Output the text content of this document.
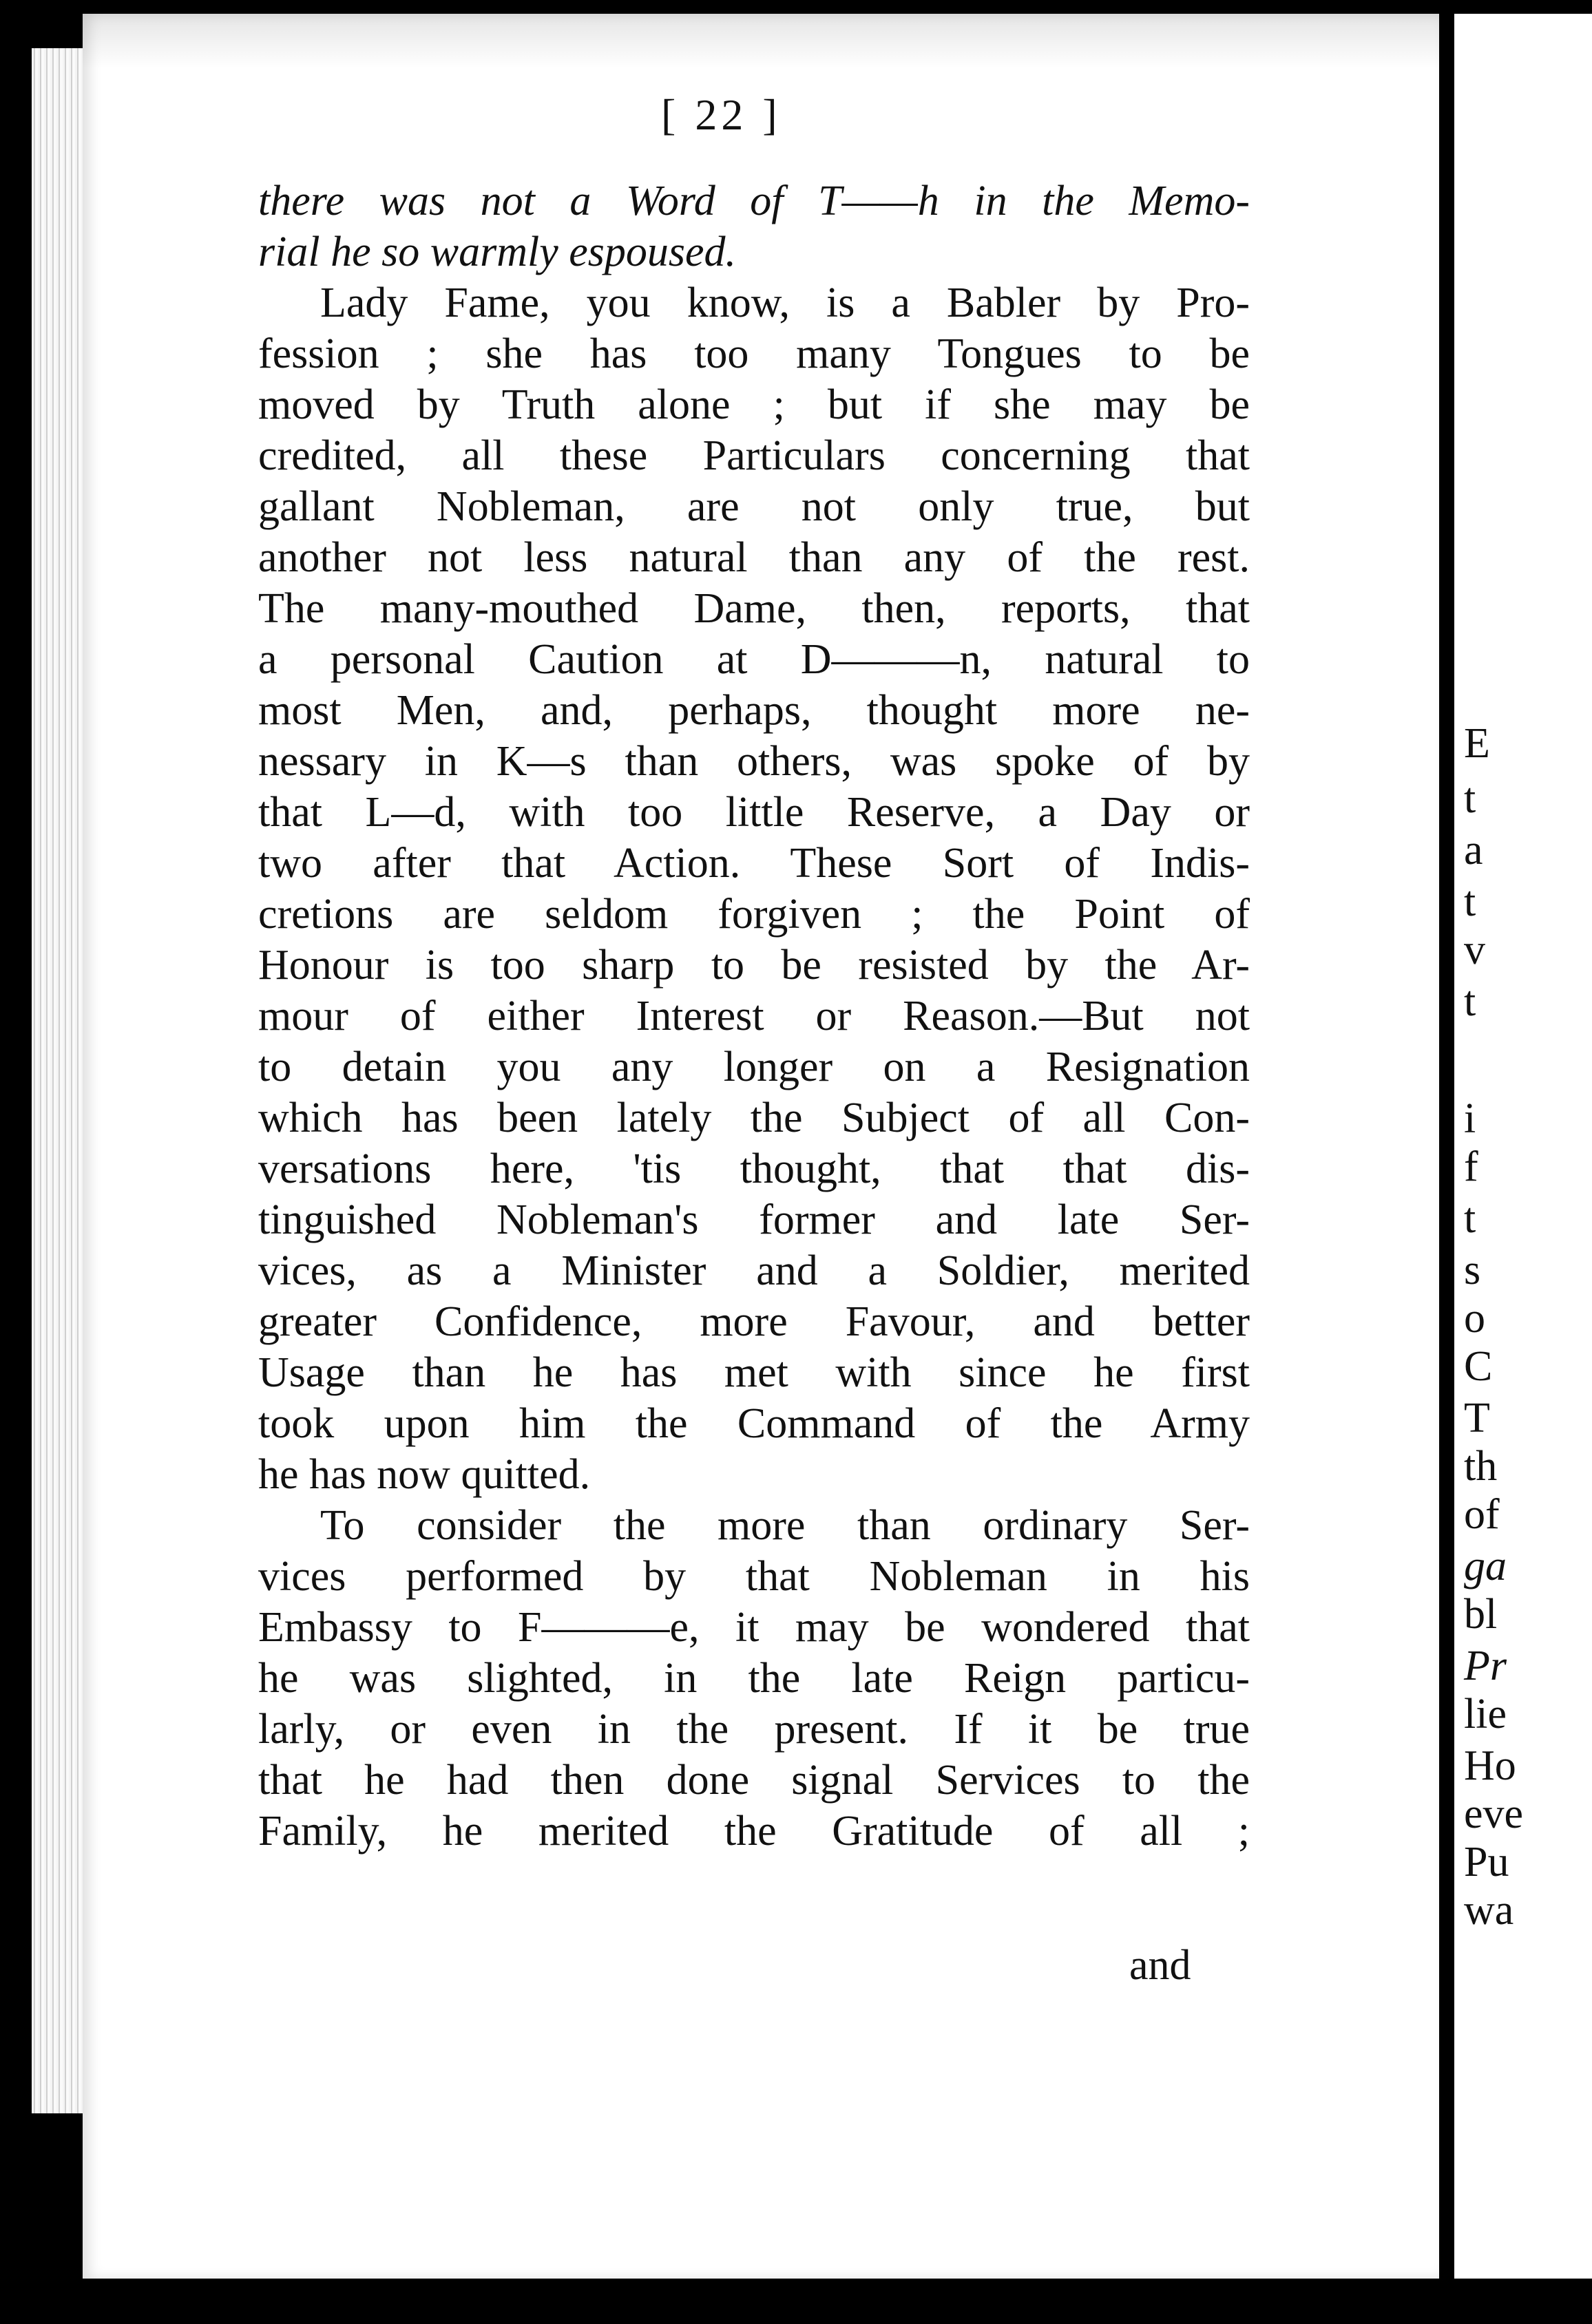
E
t
a
t
v
t
i
f
t
s
o
C
T
th
of
ga
bl
Pr
lie
Ho
eve
Pu
wa
[ 22 ]
there was not a Word of T——h in the Memo-
rial he so warmly espoused.
Lady Fame, you know, is a Babler by Pro-
fession ; she has too many Tongues to be
moved by Truth alone ; but if she may be
credited, all these Particulars concerning that
gallant Nobleman, are not only true, but
another not less natural than any of the rest.
The many-mouthed Dame, then, reports, that
a personal Caution at D———n, natural to
most Men, and, perhaps, thought more ne-
nessary in K—s than others, was spoke of by
that L—d, with too little Reserve, a Day or
two after that Action. These Sort of Indis-
cretions are seldom forgiven ; the Point of
Honour is too sharp to be resisted by the Ar-
mour of either Interest or Reason.—But not
to detain you any longer on a Resignation
which has been lately the Subject of all Con-
versations here, 'tis thought, that that dis-
tinguished Nobleman's former and late Ser-
vices, as a Minister and a Soldier, merited
greater Confidence, more Favour, and better
Usage than he has met with since he first
took upon him the Command of the Army
he has now quitted.
To consider the more than ordinary Ser-
vices performed by that Nobleman in his
Embassy to F———e, it may be wondered that
he was slighted, in the late Reign particu-
larly, or even in the present. If it be true
that he had then done signal Services to the
Family, he merited the Gratitude of all ;
and
